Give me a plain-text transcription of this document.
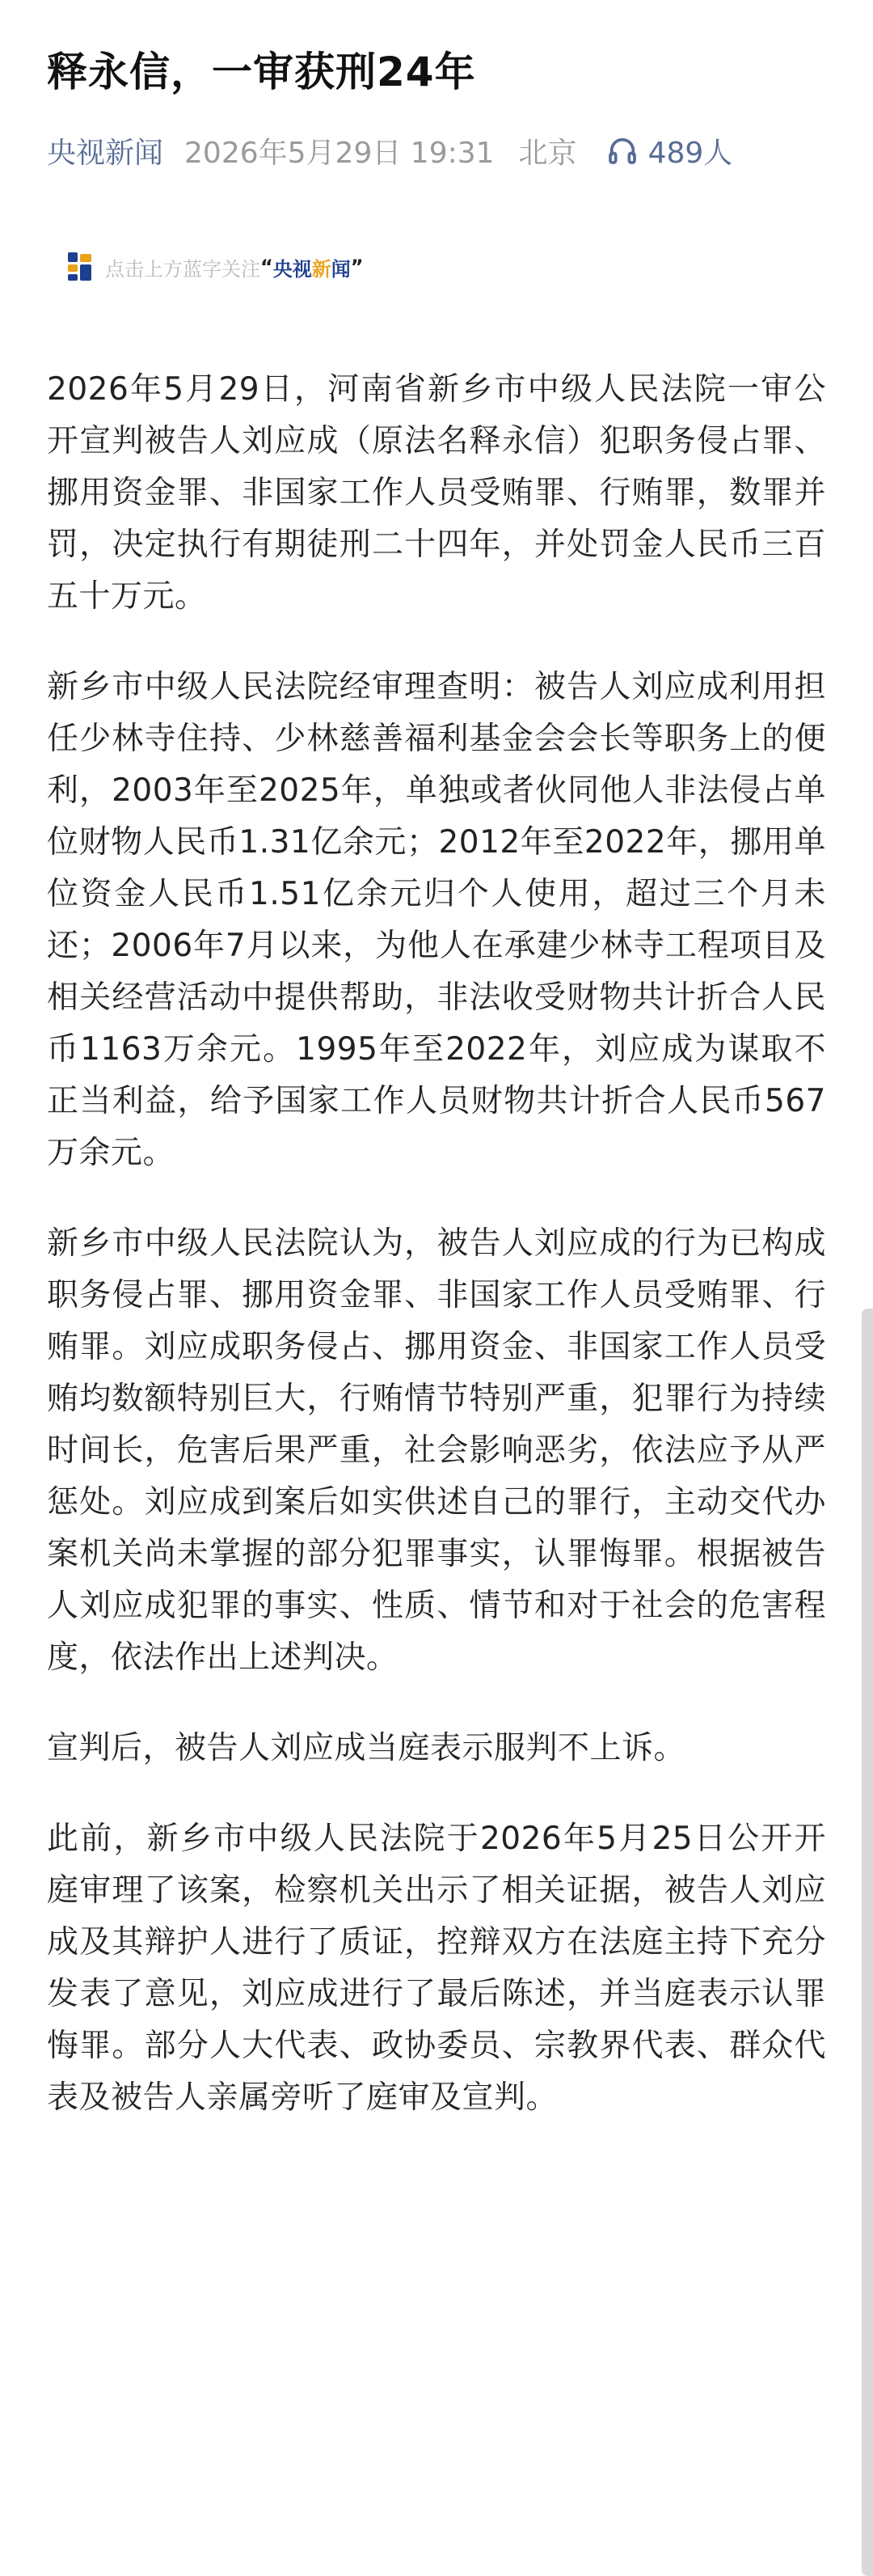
释永信，一审获刑24年
央视新闻 2026年5月29日 19:31 北京 489人
点击上方蓝字关注 “ 央视 新 闻 ”

2026年5月29日，河南省新乡市中级人民法院一审公开宣判被告人刘应成（原法名释永信）犯职务侵占罪、挪用资金罪、非国家工作人员受贿罪、行贿罪，数罪并罚，决定执行有期徒刑二十四年，并处罚金人民币三百五十万元。

新乡市中级人民法院经审理查明：被告人刘应成利用担任少林寺住持、少林慈善福利基金会会长等职务上的便利，2003年至2025年，单独或者伙同他人非法侵占单位财物人民币1.31亿余元；2012年至2022年，挪用单位资金人民币1.51亿余元归个人使用，超过三个月未还；2006年7月以来，为他人在承建少林寺工程项目及相关经营活动中提供帮助，非法收受财物共计折合人民币1163万余元。1995年至2022年，刘应成为谋取不正当利益，给予国家工作人员财物共计折合人民币567万余元。

新乡市中级人民法院认为，被告人刘应成的行为已构成职务侵占罪、挪用资金罪、非国家工作人员受贿罪、行贿罪。刘应成职务侵占、挪用资金、非国家工作人员受贿均数额特别巨大，行贿情节特别严重，犯罪行为持续时间长，危害后果严重，社会影响恶劣，依法应予从严惩处。刘应成到案后如实供述自己的罪行，主动交代办案机关尚未掌握的部分犯罪事实，认罪悔罪。根据被告人刘应成犯罪的事实、性质、情节和对于社会的危害程度，依法作出上述判决。

宣判后，被告人刘应成当庭表示服判不上诉。

此前，新乡市中级人民法院于2026年5月25日公开开庭审理了该案，检察机关出示了相关证据，被告人刘应成及其辩护人进行了质证，控辩双方在法庭主持下充分发表了意见，刘应成进行了最后陈述，并当庭表示认罪悔罪。部分人大代表、政协委员、宗教界代表、群众代表及被告人亲属旁听了庭审及宣判。
